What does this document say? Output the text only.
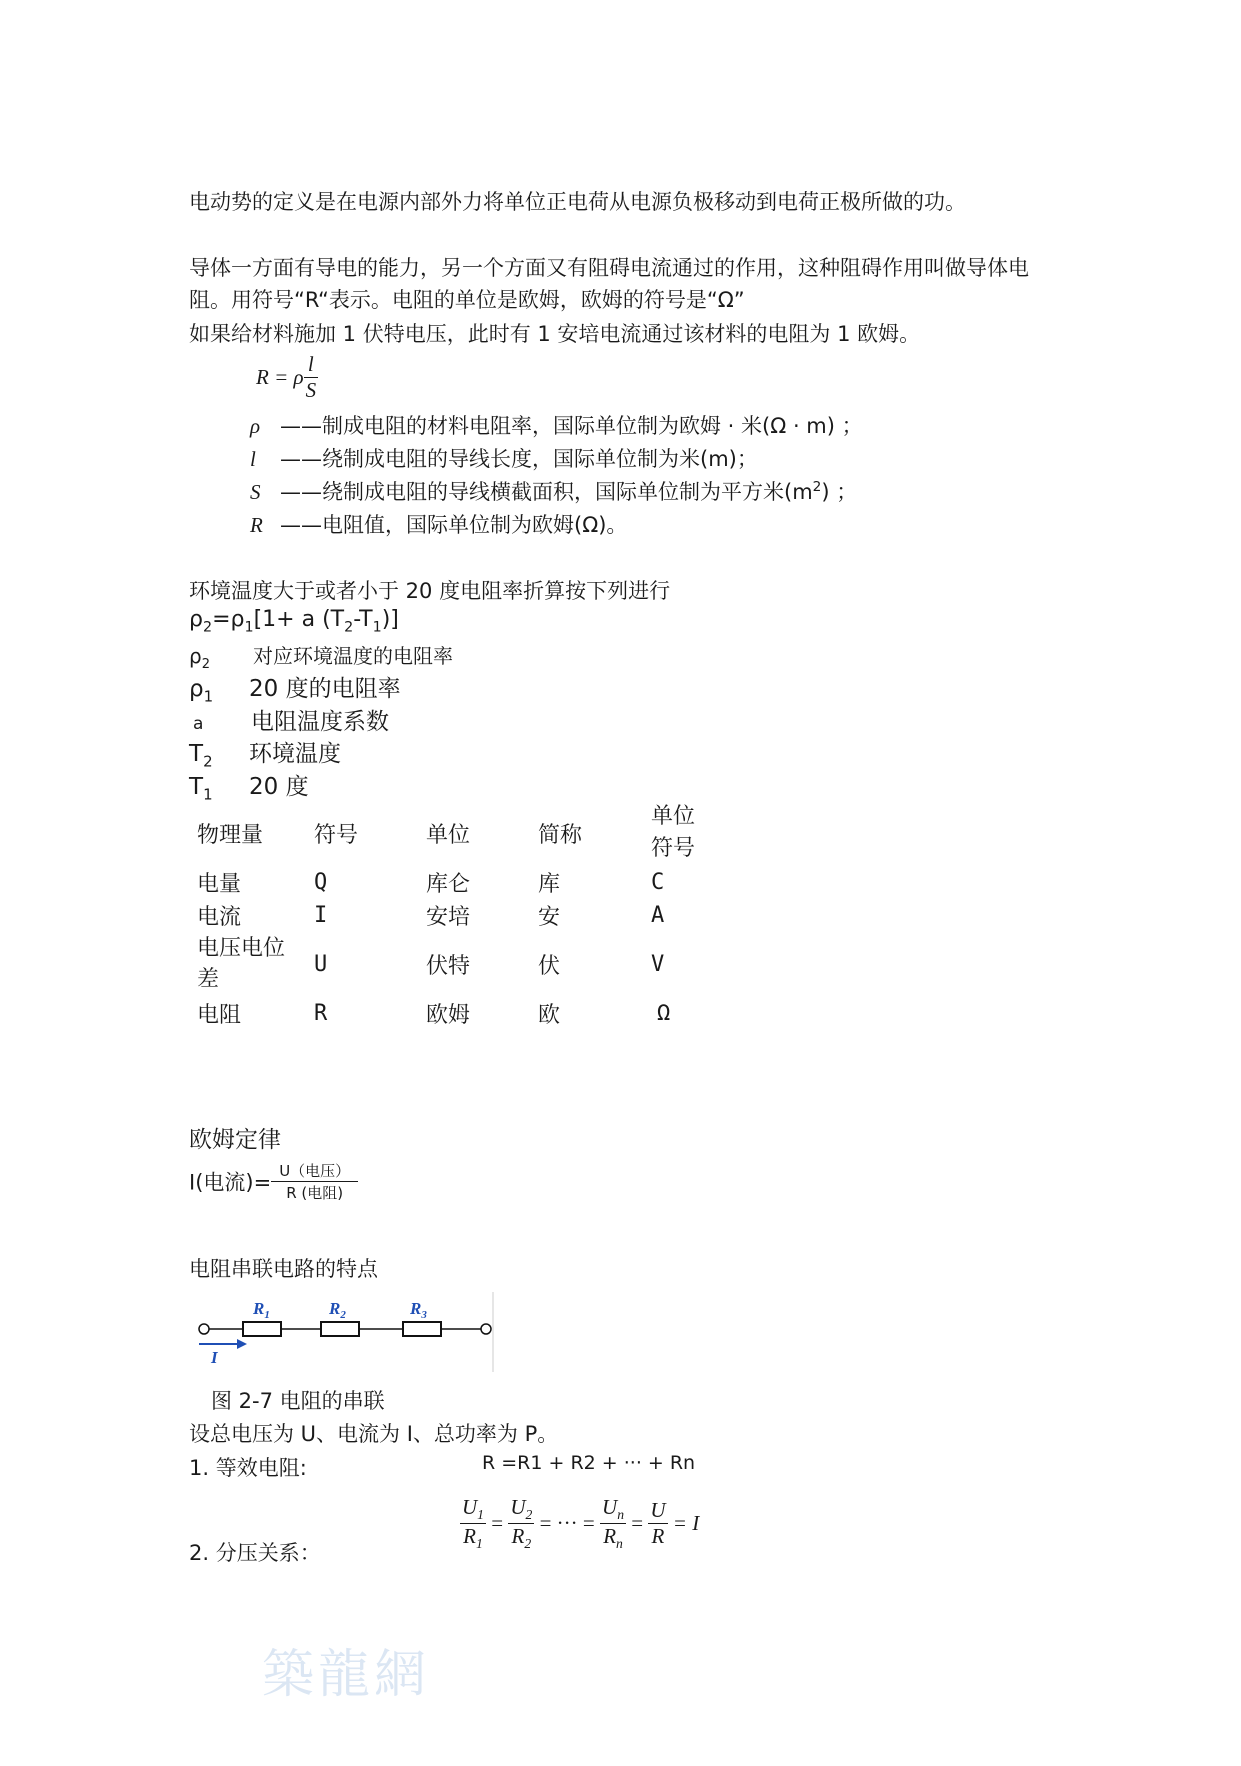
电动势的定义是在电源内部外力将单位正电荷从电源负极移动到电荷正极所做的功。
导体一方面有导电的能力，另一个方面又有阻碍电流通过的作用，这种阻碍作用叫做导体电
阻。用符号“R“表示。电阻的单位是欧姆，欧姆的符号是“Ω”
如果给材料施加 1 伏特电压，此时有 1 安培电流通过该材料的电阻为 1 欧姆。
R = ρ $\frac{l}{S}$
ρ ——制成电阻的材料电阻率，国际单位制为欧姆 · 米(Ω · m) ；
l ——绕制成电阻的导线长度，国际单位制为米(m)；
S ——绕制成电阻的导线横截面积，国际单位制为平方米$(m^2)$ ；
R ——电阻值，国际单位制为欧姆(Ω)。
环境温度大于或者小于 20 度电阻率折算按下列进行
$\rho_2=\rho_1[1+ a$ $(T_2-T_1)$]
$\rho_2$ 对应环境温度的电阻率
$\rho_1$ 20 度的电阻率
a 电阻温度系数
$T_2$ 环境温度
$T_1$ 20 度
物理量	符号	单位	简称	单位
符号
电量	Q	库仑	库	C
电流	I	安培	安	A
电压电位
差	U	伏特	伏	V
电阻	R	欧姆	欧	Ω
欧姆定律
I(电流)= $\frac{\text{U（电压）}}{\text{R (电阻)}}$
电阻串联电路的特点
I
$R_1$	$R_2$	$R_3$
图 2-7 电阻的串联
设总电压为 U、电流为 I、总功率为 P。
1. 等效电阻:	R =R1 + R2 + ··· + Rn
2. 分压关系：
$\frac{U_1}{R_1} = \frac{U_2}{R_2}$ = ··· = $\frac{U_n}{R_n} = \frac{U}{R} = I$
築龍網
